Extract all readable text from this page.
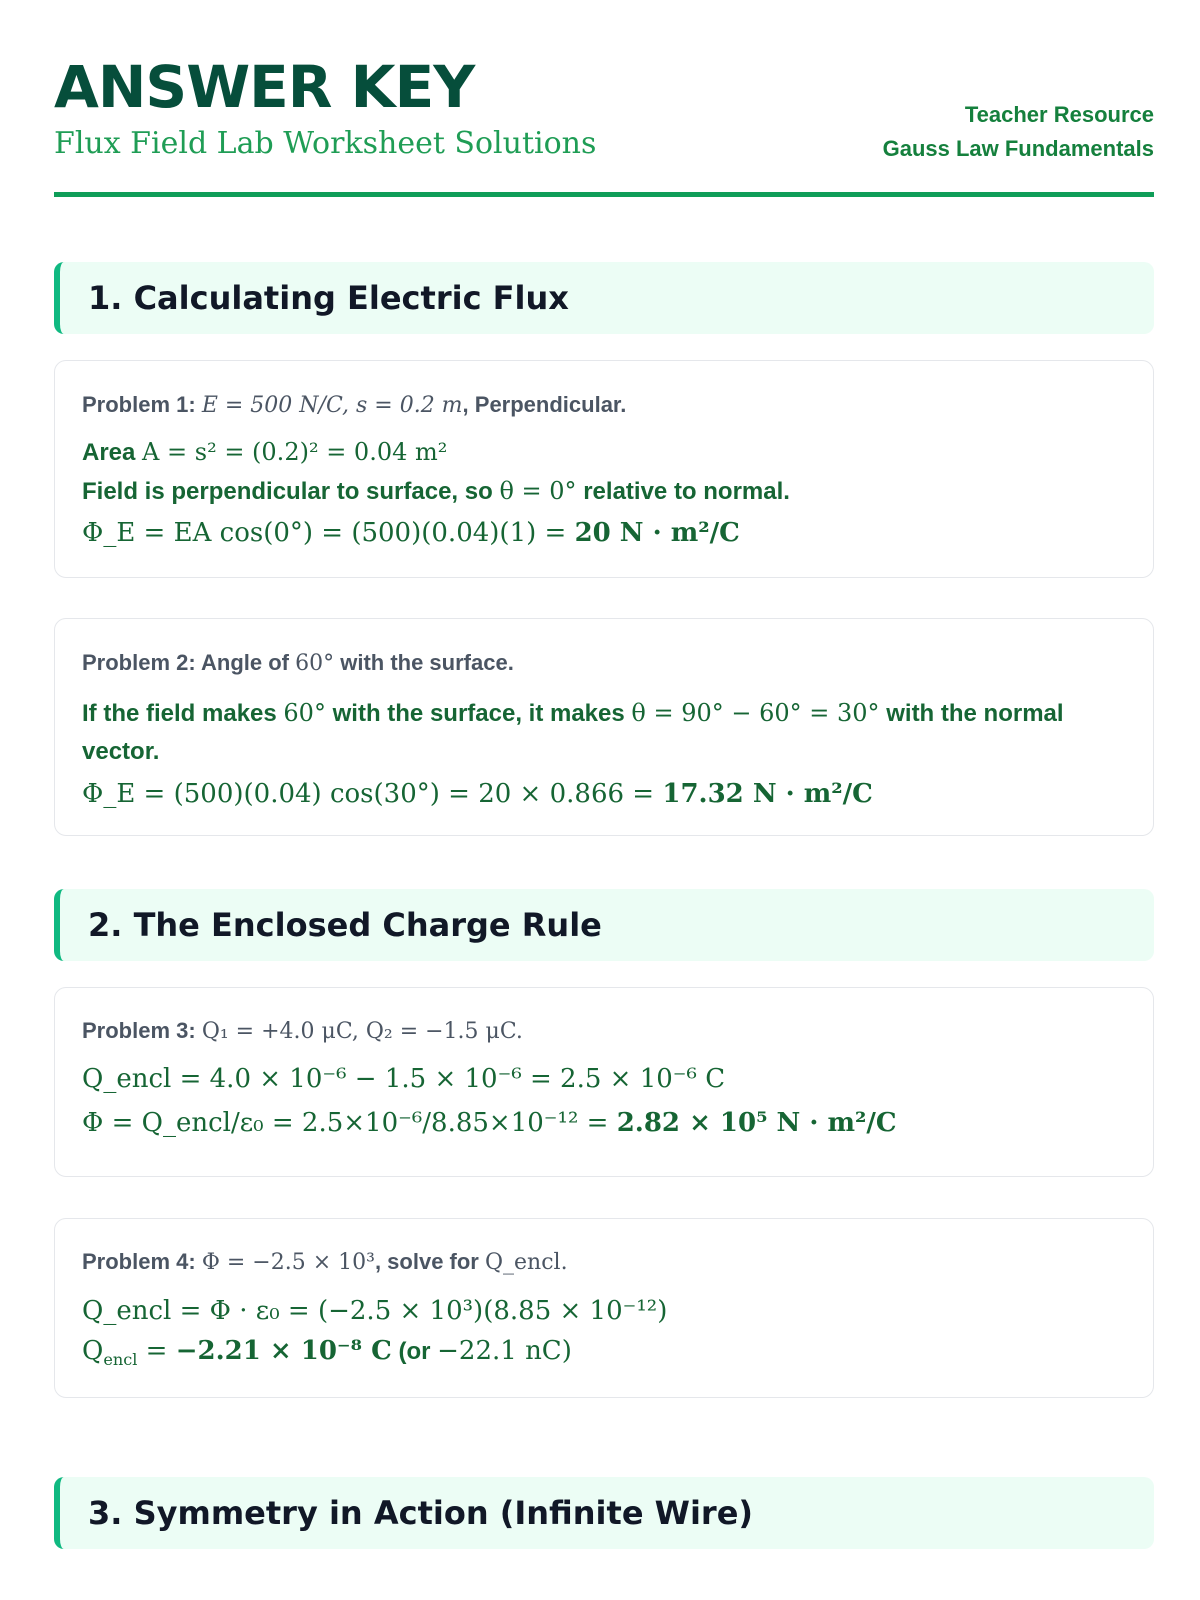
ANSWER KEY
Flux Field Lab Worksheet Solutions
Teacher Resource
Gauss Law Fundamentals
1. Calculating Electric Flux
Problem 1: E = 500 N/C, s = 0.2 m, Perpendicular.
Area A = s² = (0.2)² = 0.04 m²
Field is perpendicular to surface, so θ = 0° relative to normal.
Φ_E = EA cos(0°) = (500)(0.04)(1) = 20 N · m²/C
Problem 2: Angle of 60° with the surface.
If the field makes 60° with the surface, it makes θ = 90° − 60° = 30° with the normal vector.
Φ_E = (500)(0.04) cos(30°) = 20 × 0.866 = 17.32 N · m²/C
2. The Enclosed Charge Rule
Problem 3: Q₁ = +4.0 μC, Q₂ = −1.5 μC.
Q_encl = 4.0 × 10⁻⁶ − 1.5 × 10⁻⁶ = 2.5 × 10⁻⁶ C
Φ = Q_encl/ε₀ = 2.5×10⁻⁶/8.85×10⁻¹² = 2.82 × 10⁵ N · m²/C
Problem 4: Φ = −2.5 × 10³, solve for Q_encl.
Q_encl = Φ · ε₀ = (−2.5 × 10³)(8.85 × 10⁻¹²)
$Q_{encl} = -2.21 \times 10^{-8}$ C (or −22.1 nC)
3. Symmetry in Action (Infinite Wire)
